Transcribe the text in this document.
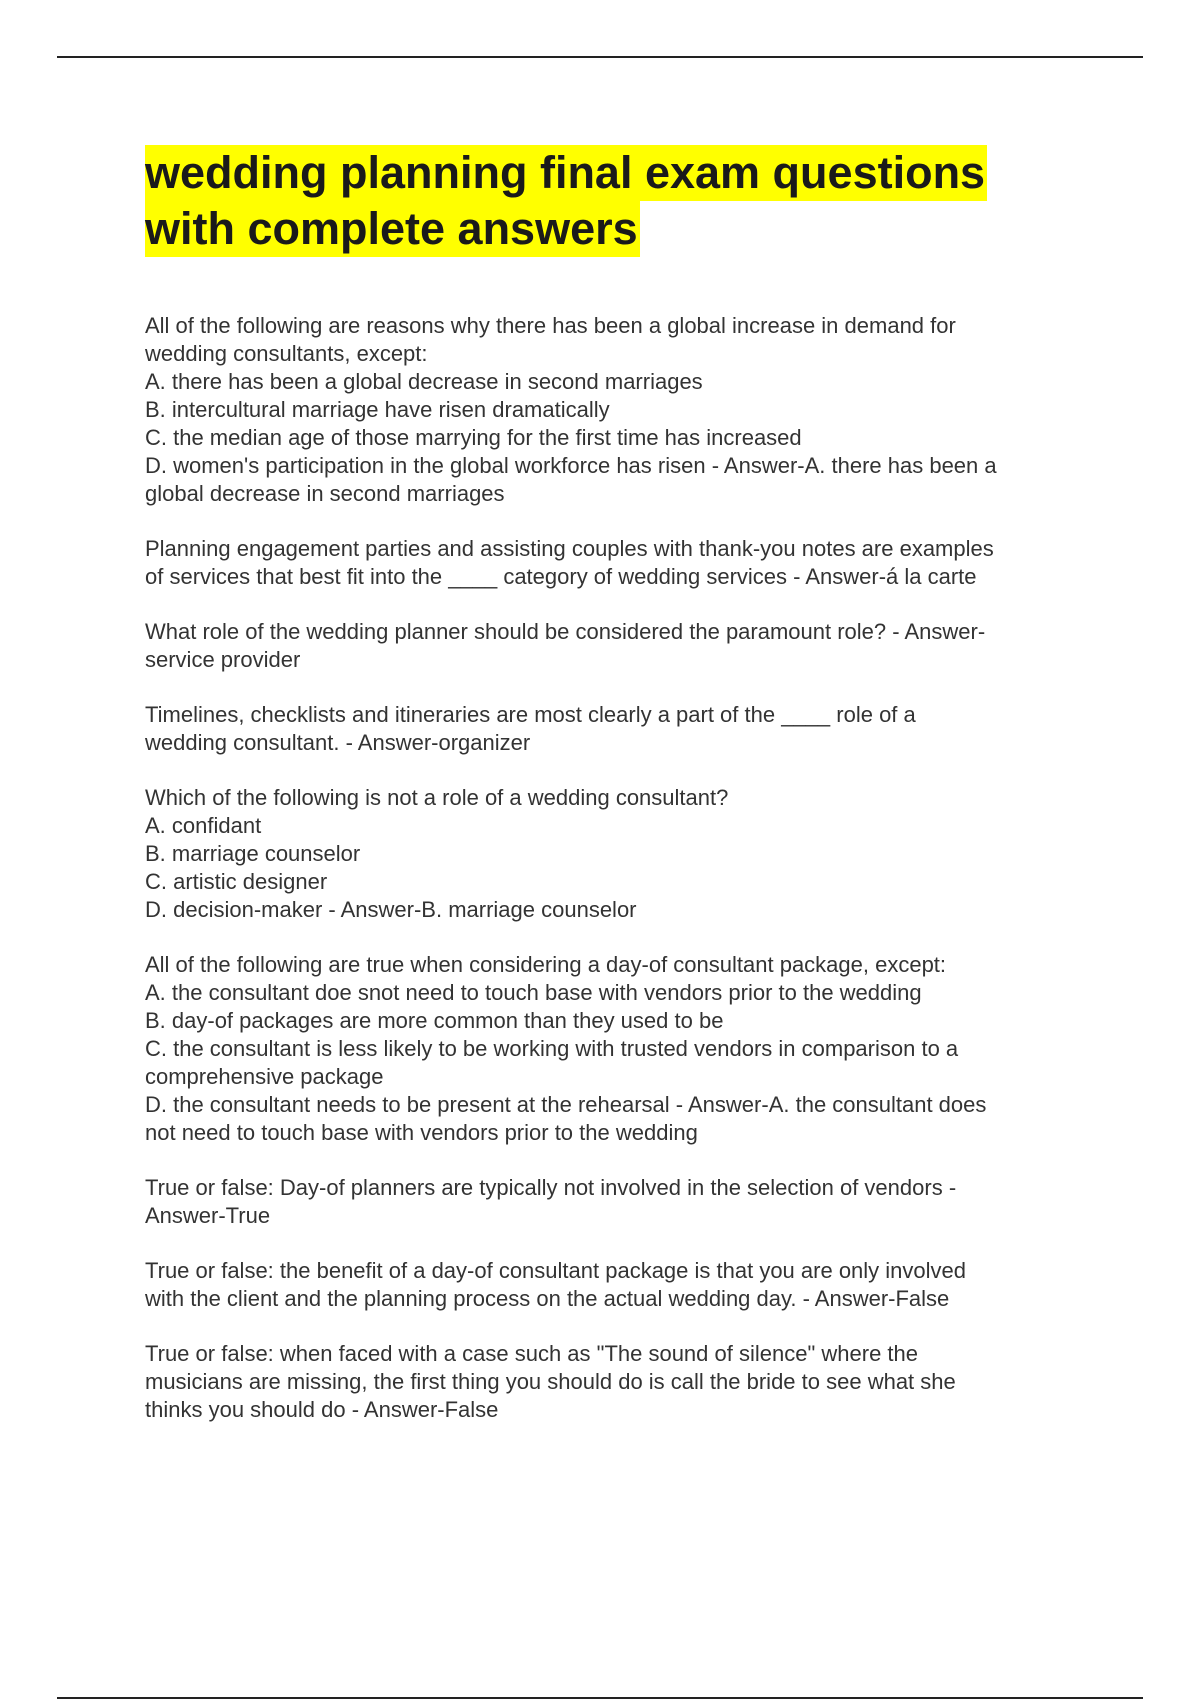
wedding planning final exam questions
with complete answers
All of the following are reasons why there has been a global increase in demand for
wedding consultants, except:
A. there has been a global decrease in second marriages
B. intercultural marriage have risen dramatically
C. the median age of those marrying for the first time has increased
D. women's participation in the global workforce has risen - Answer-A. there has been a
global decrease in second marriages
Planning engagement parties and assisting couples with thank-you notes are examples
of services that best fit into the ____ category of wedding services - Answer-á la carte
What role of the wedding planner should be considered the paramount role? - Answer-
service provider
Timelines, checklists and itineraries are most clearly a part of the ____ role of a
wedding consultant. - Answer-organizer
Which of the following is not a role of a wedding consultant?
A. confidant
B. marriage counselor
C. artistic designer
D. decision-maker - Answer-B. marriage counselor
All of the following are true when considering a day-of consultant package, except:
A. the consultant doe snot need to touch base with vendors prior to the wedding
B. day-of packages are more common than they used to be
C. the consultant is less likely to be working with trusted vendors in comparison to a
comprehensive package
D. the consultant needs to be present at the rehearsal - Answer-A. the consultant does
not need to touch base with vendors prior to the wedding
True or false: Day-of planners are typically not involved in the selection of vendors -
Answer-True
True or false: the benefit of a day-of consultant package is that you are only involved
with the client and the planning process on the actual wedding day. - Answer-False
True or false: when faced with a case such as "The sound of silence" where the
musicians are missing, the first thing you should do is call the bride to see what she
thinks you should do - Answer-False
